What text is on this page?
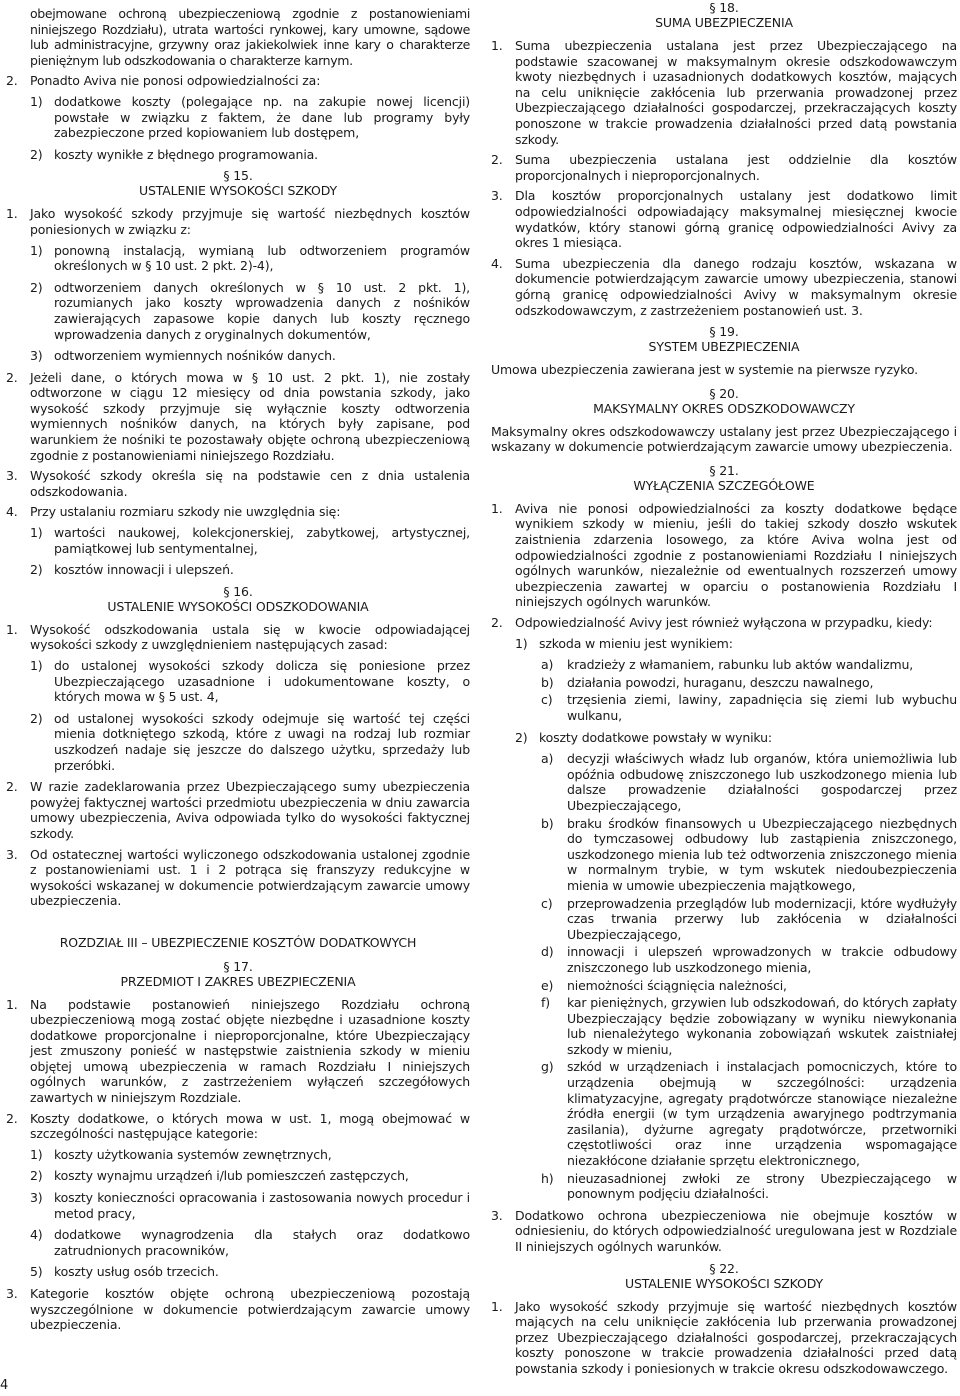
obejmowane ochroną ubezpieczeniową zgodnie z postanowieniami niniejszego Rozdziału), utrata wartości rynkowej, kary umowne, sądowe lub administracyjne, grzywny oraz jakiekolwiek inne kary o charakterze pieniężnym lub odszkodowania o charakterze karnym.

2. Ponadto Aviva nie ponosi odpowiedzialności za:

1) dodatkowe koszty (polegające np. na zakupie nowej licencji) powstałe w związku z faktem, że dane lub programy były zabezpieczone przed kopiowaniem lub dostępem,
2) koszty wynikłe z błędnego programowania.
§ 15.
USTALENIE WYSOKOŚCI SZKODY

1. Jako wysokość szkody przyjmuje się wartość niezbędnych kosztów poniesionych w związku z:

1) ponowną instalacją, wymianą lub odtworzeniem programów określonych w § 10 ust. 2 pkt. 2)-4),
2) odtworzeniem danych określonych w § 10 ust. 2 pkt. 1), rozumianych jako koszty wprowadzenia danych z nośników zawierających zapasowe kopie danych lub koszty ręcznego wprowadzenia danych z oryginalnych dokumentów,
3) odtworzeniem wymiennych nośników danych.

2. Jeżeli dane, o których mowa w § 10 ust. 2 pkt. 1), nie zostały odtworzone w ciągu 12 miesięcy od dnia powstania szkody, jako wysokość szkody przyjmuje się wyłącznie koszty odtworzenia wymiennych nośników danych, na których były zapisane, pod warunkiem że nośniki te pozostawały objęte ochroną ubezpieczeniową zgodnie z postanowieniami niniejszego Rozdziału.

3. Wysokość szkody określa się na podstawie cen z dnia ustalenia odszkodowania.

4. Przy ustalaniu rozmiaru szkody nie uwzględnia się:

1) wartości naukowej, kolekcjonerskiej, zabytkowej, artystycznej, pamiątkowej lub sentymentalnej,
2) kosztów innowacji i ulepszeń.
§ 16.
USTALENIE WYSOKOŚCI ODSZKODOWANIA

1. Wysokość odszkodowania ustala się w kwocie odpowiadającej wysokości szkody z uwzględnieniem następujących zasad:

1) do ustalonej wysokości szkody dolicza się poniesione przez Ubezpieczającego uzasadnione i udokumentowane koszty, o których mowa w § 5 ust. 4,
2) od ustalonej wysokości szkody odejmuje się wartość tej części mienia dotkniętego szkodą, które z uwagi na rodzaj lub rozmiar uszkodzeń nadaje się jeszcze do dalszego użytku, sprzedaży lub przeróbki.

2. W razie zadeklarowania przez Ubezpieczającego sumy ubezpieczenia powyżej faktycznej wartości przedmiotu ubezpieczenia w dniu zawarcia umowy ubezpieczenia, Aviva odpowiada tylko do wysokości faktycznej szkody.

3. Od ostatecznej wartości wyliczonego odszkodowania ustalonej zgodnie z postanowieniami ust. 1 i 2 potrąca się franszyzy redukcyjne w wysokości wskazanej w dokumencie potwierdzającym zawarcie umowy ubezpieczenia.

ROZDZIAŁ III – UBEZPIECZENIE KOSZTÓW DODATKOWYCH
§ 17.
PRZEDMIOT I ZAKRES UBEZPIECZENIA

1. Na podstawie postanowień niniejszego Rozdziału ochroną ubezpieczeniową mogą zostać objęte niezbędne i uzasadnione koszty dodatkowe proporcjonalne i nieproporcjonalne, które Ubezpieczający jest zmuszony ponieść w następstwie zaistnienia szkody w mieniu objętej umową ubezpieczenia w ramach Rozdziału I niniejszych ogólnych warunków, z zastrzeżeniem wyłączeń szczegółowych zawartych w niniejszym Rozdziale.

2. Koszty dodatkowe, o których mowa w ust. 1, mogą obejmować w szczególności następujące kategorie:

1) koszty użytkowania systemów zewnętrznych,
2) koszty wynajmu urządzeń i/lub pomieszczeń zastępczych,
3) koszty konieczności opracowania i zastosowania nowych procedur i metod pracy,
4) dodatkowe wynagrodzenia dla stałych oraz dodatkowo zatrudnionych pracowników,
5) koszty usług osób trzecich.

3. Kategorie kosztów objęte ochroną ubezpieczeniową pozostają wyszczególnione w dokumencie potwierdzającym zawarcie umowy ubezpieczenia.

§ 18.
SUMA UBEZPIECZENIA

1. Suma ubezpieczenia ustalana jest przez Ubezpieczającego na podstawie szacowanej w maksymalnym okresie odszkodowawczym kwoty niezbędnych i uzasadnionych dodatkowych kosztów, mających na celu uniknięcie zakłócenia lub przerwania prowadzonej przez Ubezpieczającego działalności gospodarczej, przekraczających koszty ponoszone w trakcie prowadzenia działalności przed datą powstania szkody.

2. Suma ubezpieczenia ustalana jest oddzielnie dla kosztów proporcjonalnych i nieproporcjonalnych.

3. Dla kosztów proporcjonalnych ustalany jest dodatkowo limit odpowiedzialności odpowiadający maksymalnej miesięcznej kwocie wydatków, który stanowi górną granicę odpowiedzialności Avivy za okres 1 miesiąca.

4. Suma ubezpieczenia dla danego rodzaju kosztów, wskazana w dokumencie potwierdzającym zawarcie umowy ubezpieczenia, stanowi górną granicę odpowiedzialności Avivy w maksymalnym okresie odszkodowawczym, z zastrzeżeniem postanowień ust. 3.

§ 19.
SYSTEM UBEZPIECZENIA

Umowa ubezpieczenia zawierana jest w systemie na pierwsze ryzyko.

§ 20.
MAKSYMALNY OKRES ODSZKODOWAWCZY

Maksymalny okres odszkodowawczy ustalany jest przez Ubezpieczającego i wskazany w dokumencie potwierdzającym zawarcie umowy ubezpieczenia.

§ 21.
WYŁĄCZENIA SZCZEGÓŁOWE

1. Aviva nie ponosi odpowiedzialności za koszty dodatkowe będące wynikiem szkody w mieniu, jeśli do takiej szkody doszło wskutek zaistnienia zdarzenia losowego, za które Aviva wolna jest od odpowiedzialności zgodnie z postanowieniami Rozdziału I niniejszych ogólnych warunków, niezależnie od ewentualnych rozszerzeń umowy ubezpieczenia zawartej w oparciu o postanowienia Rozdziału I niniejszych ogólnych warunków.

2. Odpowiedzialność Avivy jest również wyłączona w przypadku, kiedy:

1) szkoda w mieniu jest wynikiem:
a)	kradzieży z włamaniem, rabunku lub aktów wandalizmu,
b)	działania powodzi, huraganu, deszczu nawalnego,
c)	trzęsienia ziemi, lawiny, zapadnięcia się ziemi lub wybuchu wulkanu,
2) koszty dodatkowe powstały w wyniku:
a)	decyzji właściwych władz lub organów, która uniemożliwia lub opóźnia odbudowę zniszczonego lub uszkodzonego mienia lub dalsze prowadzenie działalności gospodarczej przez Ubezpieczającego,
b)	braku środków finansowych u Ubezpieczającego niezbędnych do tymczasowej odbudowy lub zastąpienia zniszczonego, uszkodzonego mienia lub też odtworzenia zniszczonego mienia w normalnym trybie, w tym wskutek niedoubezpieczenia mienia w umowie ubezpieczenia majątkowego,
c)	przeprowadzenia przeglądów lub modernizacji, które wydłużyły czas trwania przerwy lub zakłócenia w działalności Ubezpieczającego,
d)	innowacji i ulepszeń wprowadzonych w trakcie odbudowy zniszczonego lub uszkodzonego mienia,
e)	niemożności ściągnięcia należności,
f)	kar pieniężnych, grzywien lub odszkodowań, do których zapłaty Ubezpieczający będzie zobowiązany w wyniku niewykonania lub nienależytego wykonania zobowiązań wskutek zaistniałej szkody w mieniu,
g)	szkód w urządzeniach i instalacjach pomocniczych, które to urządzenia obejmują w szczególności: urządzenia klimatyzacyjne, agregaty prądotwórcze stanowiące niezależne źródła energii (w tym urządzenia awaryjnego podtrzymania zasilania), dyżurne agregaty prądotwórcze, przetworniki częstotliwości oraz inne urządzenia wspomagające niezakłócone działanie sprzętu elektronicznego,
h)	nieuzasadnionej zwłoki ze strony Ubezpieczającego w ponownym podjęciu działalności.

3. Dodatkowo ochrona ubezpieczeniowa nie obejmuje kosztów w odniesieniu, do których odpowiedzialność uregulowana jest w Rozdziale II niniejszych ogólnych warunków.

§ 22.
USTALENIE WYSOKOŚCI SZKODY

1. Jako wysokość szkody przyjmuje się wartość niezbędnych kosztów mających na celu uniknięcie zakłócenia lub przerwania prowadzonej przez Ubezpieczającego działalności gospodarczej, przekraczających koszty ponoszone w trakcie prowadzenia działalności przed datą powstania szkody i poniesionych w trakcie okresu odszkodowawczego.

4
